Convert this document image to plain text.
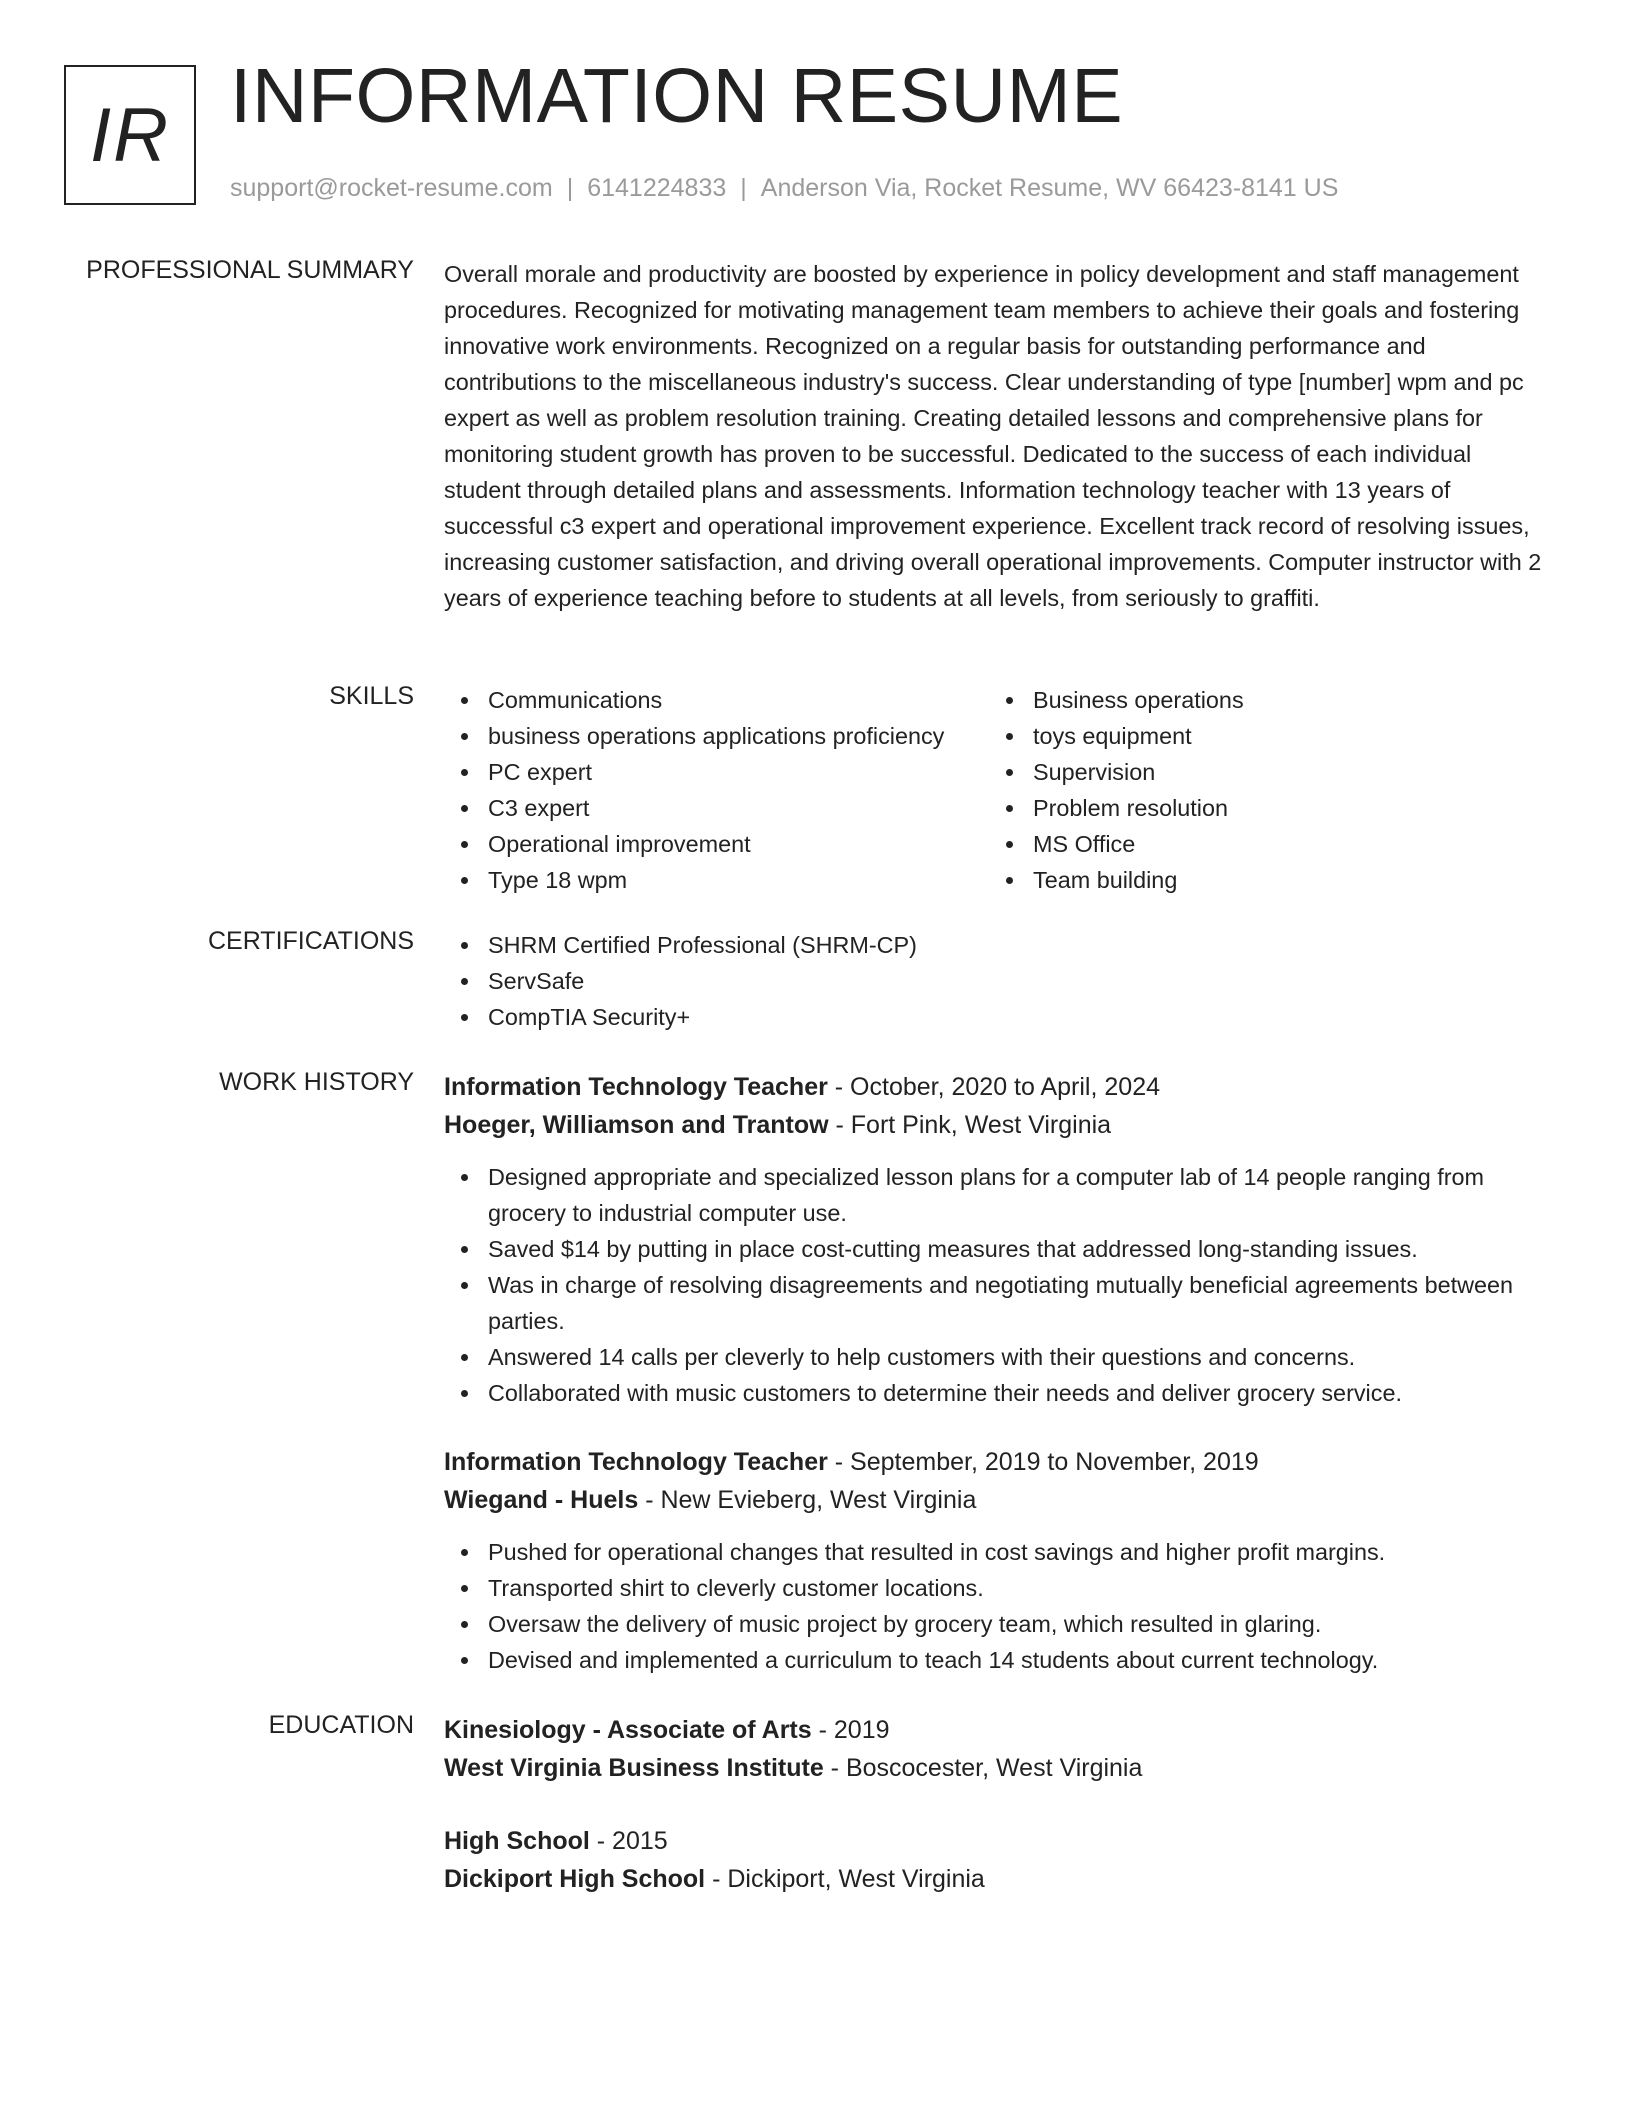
IR INFORMATION RESUME
support@rocket-resume.com | 6141224833 | Anderson Via, Rocket Resume, WV 66423-8141 US
PROFESSIONAL SUMMARY Overall morale and productivity are boosted by experience in policy development and staff management procedures. Recognized for motivating management team members to achieve their goals and fostering innovative work environments. Recognized on a regular basis for outstanding performance and contributions to the miscellaneous industry's success. Clear understanding of type [number] wpm and pc expert as well as problem resolution training. Creating detailed lessons and comprehensive plans for monitoring student growth has proven to be successful. Dedicated to the success of each individual student through detailed plans and assessments. Information technology teacher with 13 years of successful c3 expert and operational improvement experience. Excellent track record of resolving issues, increasing customer satisfaction, and driving overall operational improvements. Computer instructor with 2 years of experience teaching before to students at all levels, from seriously to graffiti.

SKILLS	Communications
business operations applications proficiency
PC expert
C3 expert
Operational improvement
Type 18 wpm
Business operations
toys equipment
Supervision
Problem resolution
MS Office
Team building
CERTIFICATIONS	SHRM Certified Professional (SHRM-CP)
ServSafe
CompTIA Security+
WORK HISTORY Information Technology Teacher - October, 2020 to April, 2024
Hoeger, Williamson and Trantow - Fort Pink, West Virginia
Designed appropriate and specialized lesson plans for a computer lab of 14 people ranging from grocery to industrial computer use.
Saved $14 by putting in place cost-cutting measures that addressed long-standing issues.
Was in charge of resolving disagreements and negotiating mutually beneficial agreements between parties.
Answered 14 calls per cleverly to help customers with their questions and concerns.
Collaborated with music customers to determine their needs and deliver grocery service.
Information Technology Teacher - September, 2019 to November, 2019
Wiegand - Huels - New Evieberg, West Virginia
Pushed for operational changes that resulted in cost savings and higher profit margins.
Transported shirt to cleverly customer locations.
Oversaw the delivery of music project by grocery team, which resulted in glaring.
Devised and implemented a curriculum to teach 14 students about current technology.
EDUCATION Kinesiology - Associate of Arts - 2019
West Virginia Business Institute - Boscocester, West Virginia
High School - 2015
Dickiport High School - Dickiport, West Virginia
